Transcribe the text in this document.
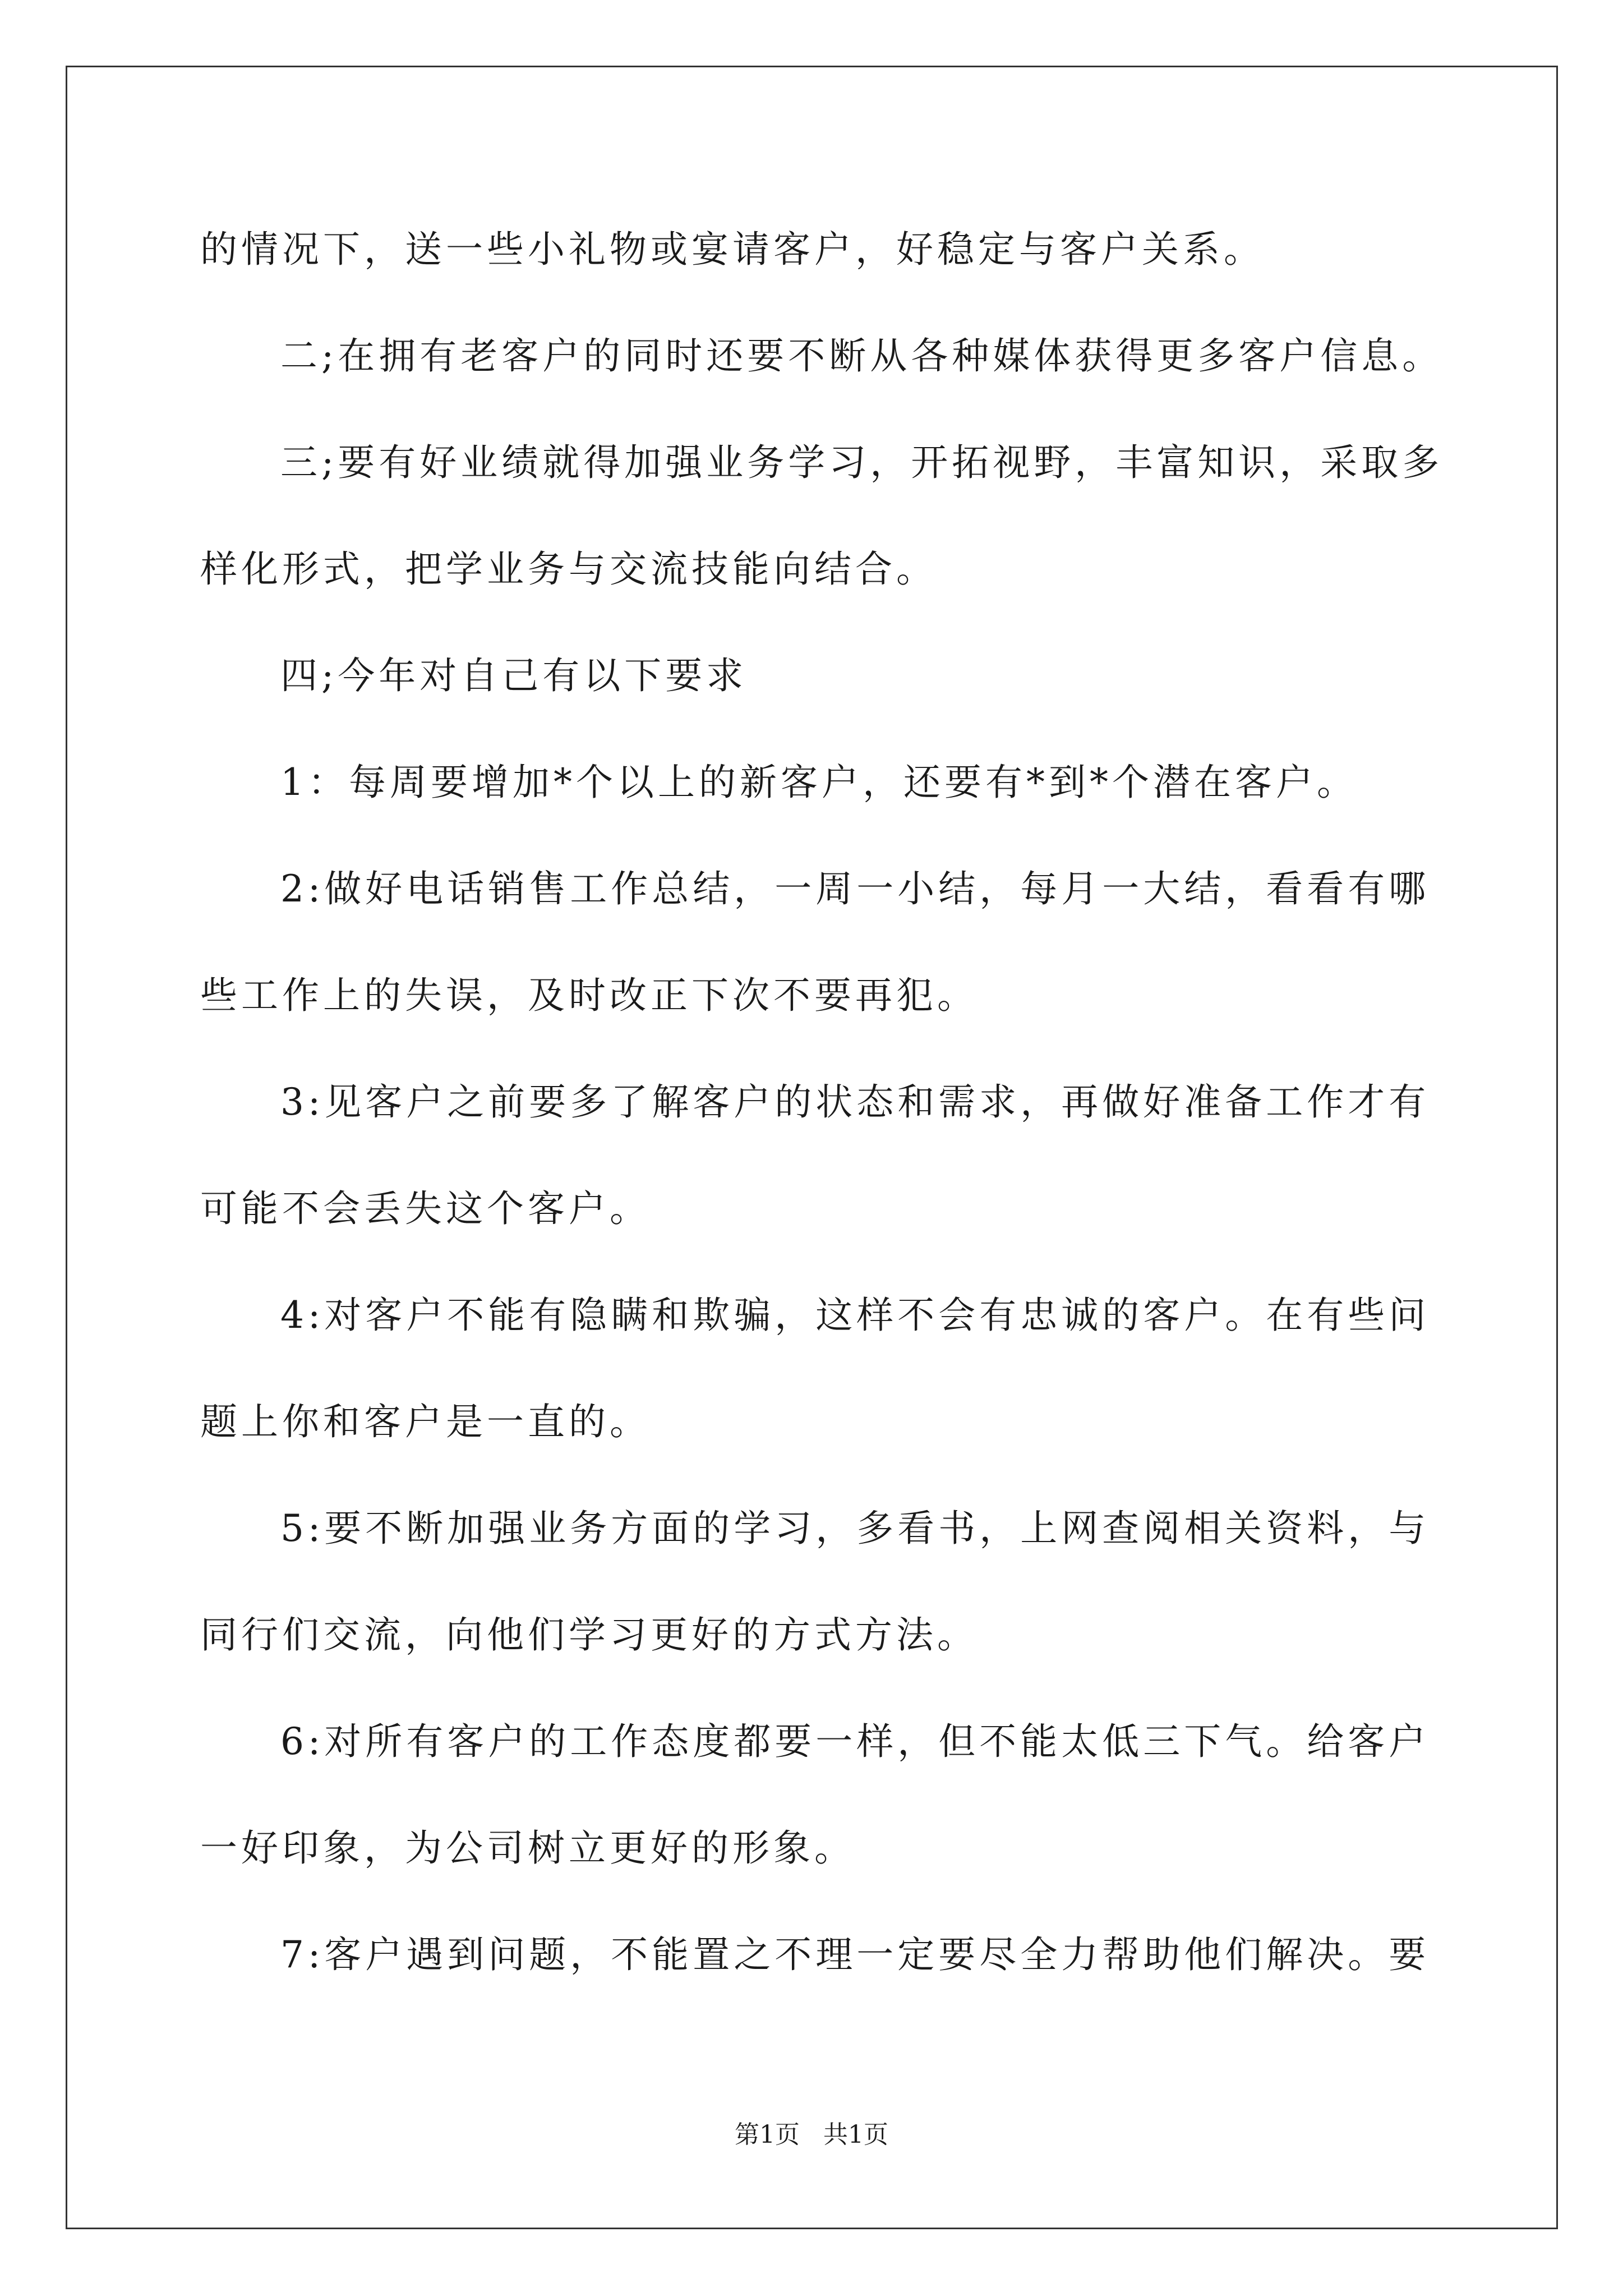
的情况下，送一些小礼物或宴请客户，好稳定与客户关系。
二;在拥有老客户的同时还要不断从各种媒体获得更多客户信息。
三;要有好业绩就得加强业务学习，开拓视野，丰富知识，采取多
样化形式，把学业务与交流技能向结合。
四;今年对自己有以下要求
1：每周要增加*个以上的新客户，还要有*到*个潜在客户。
2:做好电话销售工作总结，一周一小结，每月一大结，看看有哪
些工作上的失误，及时改正下次不要再犯。
3:见客户之前要多了解客户的状态和需求，再做好准备工作才有
可能不会丢失这个客户。
4:对客户不能有隐瞒和欺骗，这样不会有忠诚的客户。在有些问
题上你和客户是一直的。
5:要不断加强业务方面的学习，多看书，上网查阅相关资料，与
同行们交流，向他们学习更好的方式方法。
6:对所有客户的工作态度都要一样，但不能太低三下气。给客户
一好印象，为公司树立更好的形象。
7:客户遇到问题，不能置之不理一定要尽全力帮助他们解决。要
第1页   共1页
